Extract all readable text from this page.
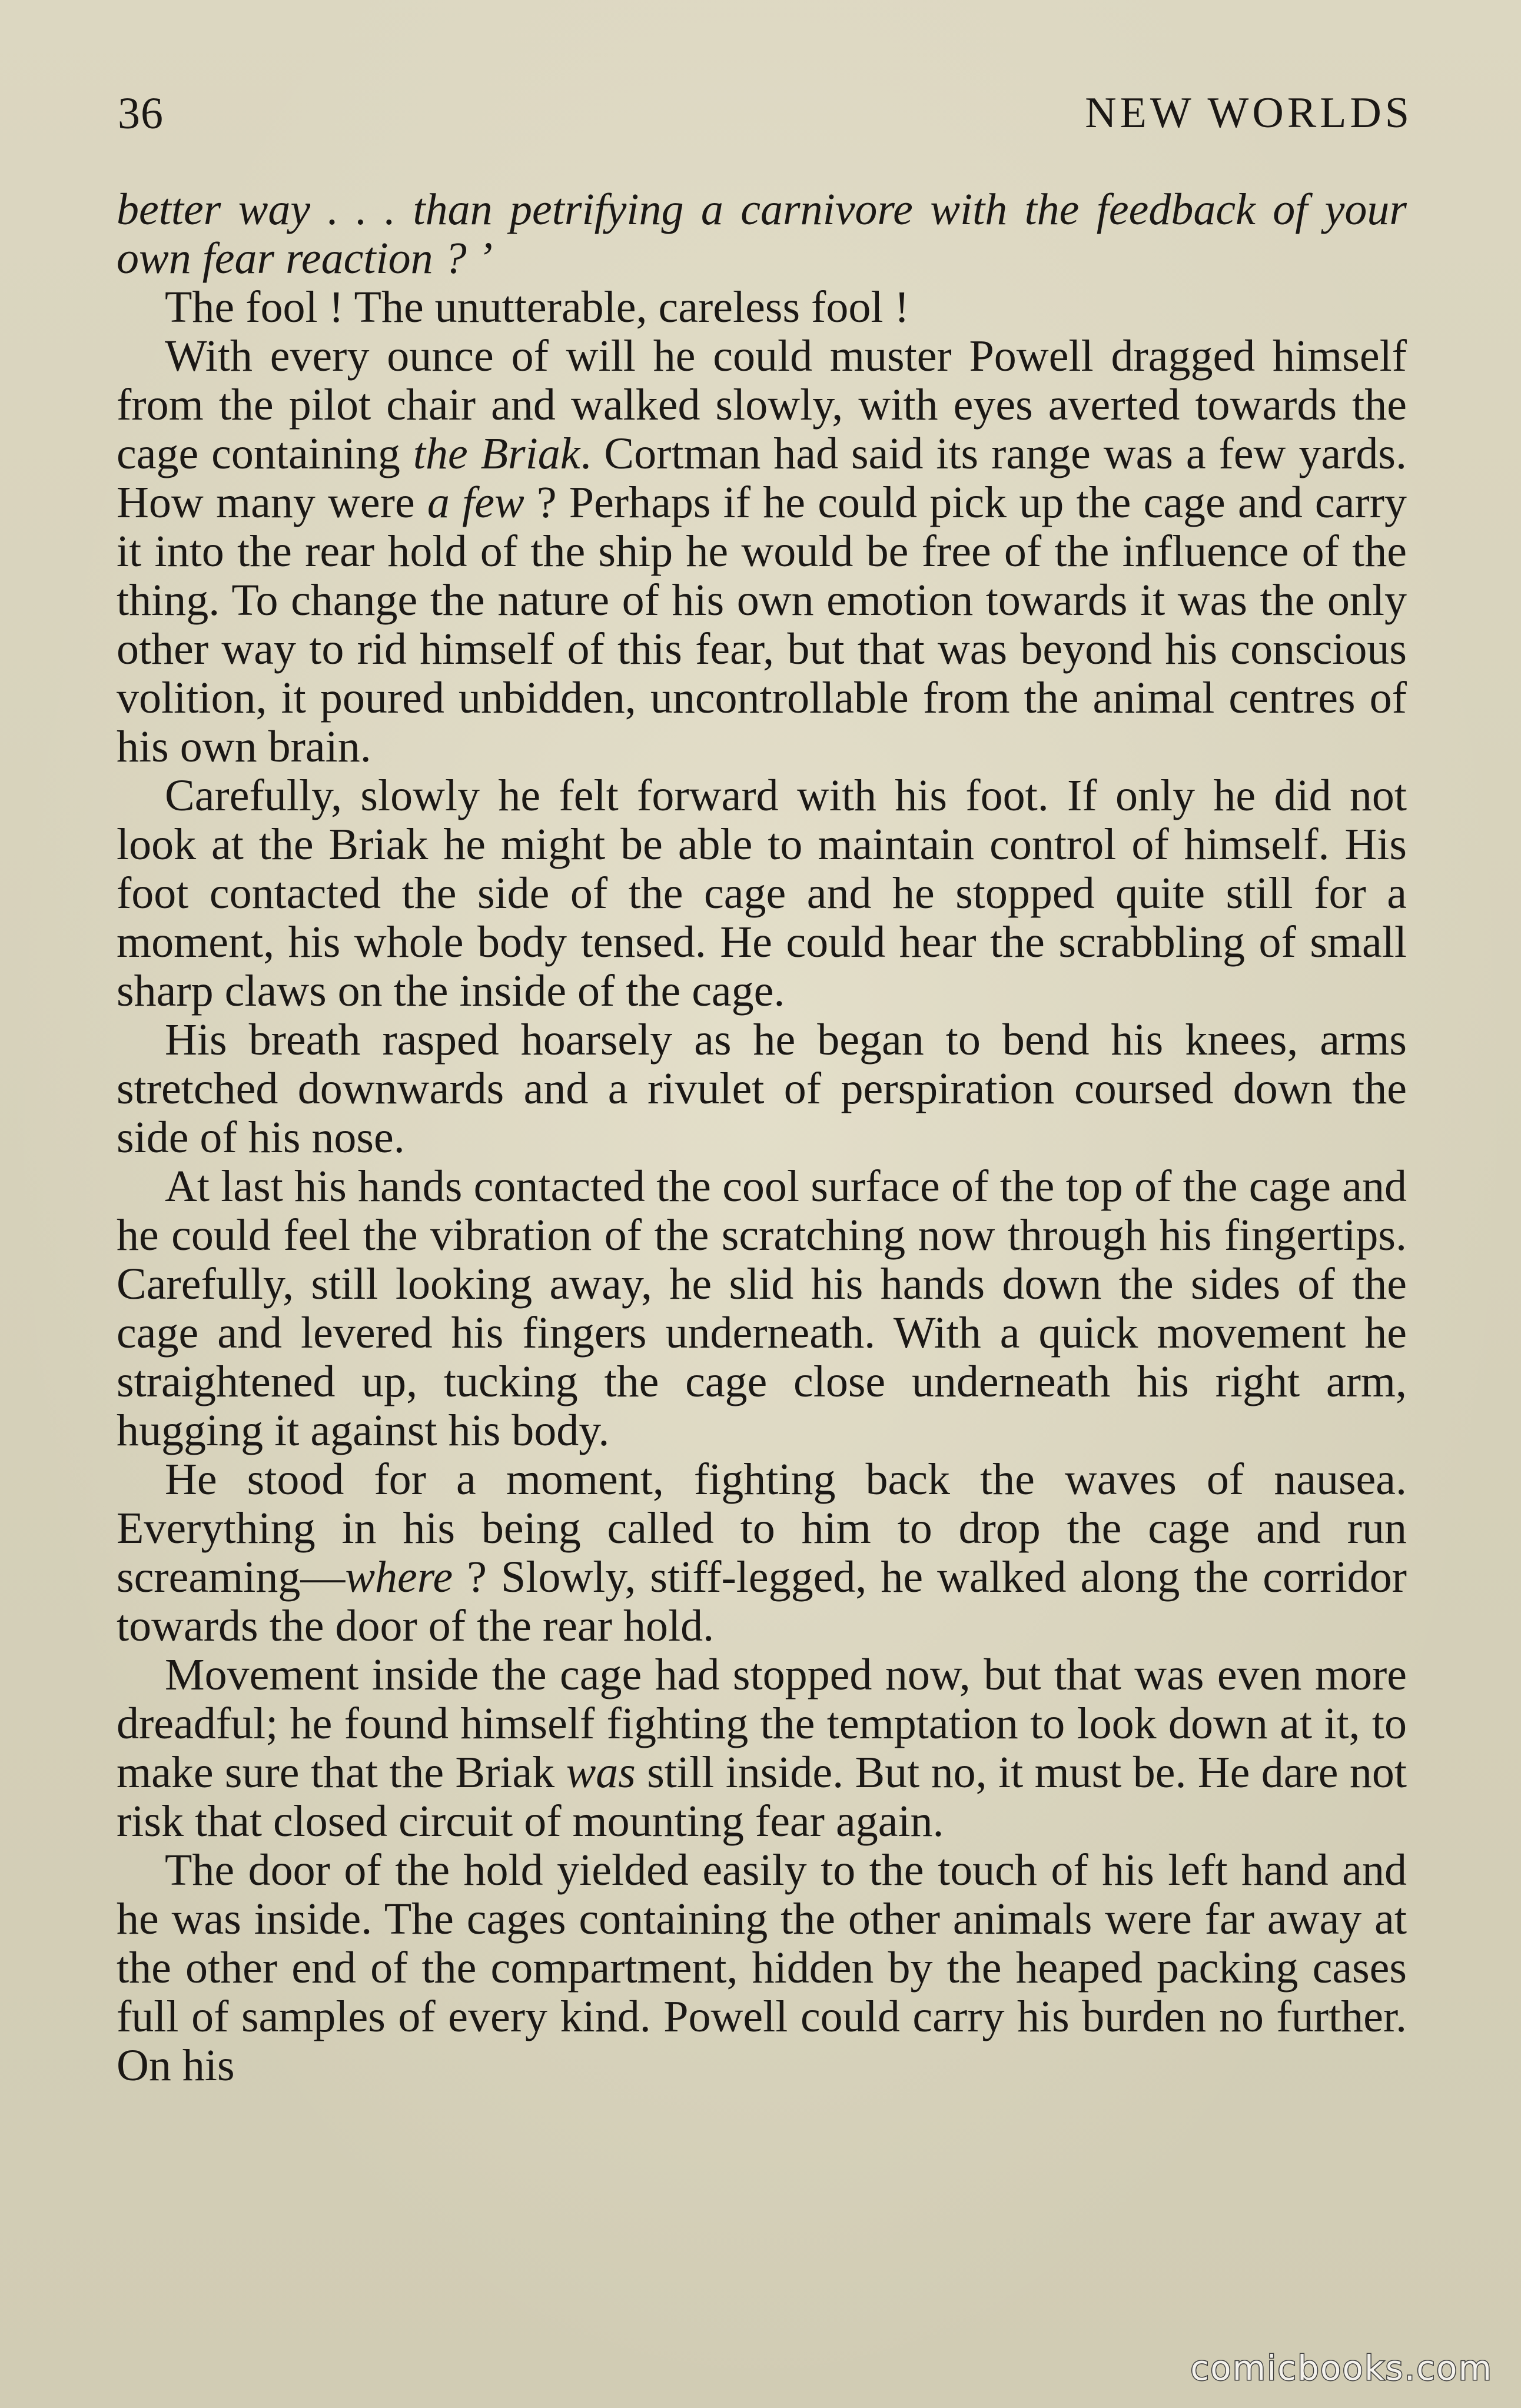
36	NEW WORLDS

better way . . . than petrifying a carnivore with the feedback of your own fear reaction ? ’

The fool ! The unutterable, careless fool !

With every ounce of will he could muster Powell dragged himself from the pilot chair and walked slowly, with eyes averted towards the cage containing the Briak. Cortman had said its range was a few yards. How many were a few ? Perhaps if he could pick up the cage and carry it into the rear hold of the ship he would be free of the influence of the thing. To change the nature of his own emotion towards it was the only other way to rid himself of this fear, but that was beyond his conscious volition, it poured unbidden, uncontrollable from the animal centres of his own brain.

Carefully, slowly he felt forward with his foot. If only he did not look at the Briak he might be able to maintain control of himself. His foot contacted the side of the cage and he stopped quite still for a moment, his whole body tensed. He could hear the scrabbling of small sharp claws on the inside of the cage.

His breath rasped hoarsely as he began to bend his knees, arms stretched downwards and a rivulet of perspiration coursed down the side of his nose.

At last his hands contacted the cool surface of the top of the cage and he could feel the vibration of the scratching now through his fingertips. Carefully, still looking away, he slid his hands down the sides of the cage and levered his fingers underneath. With a quick movement he straightened up, tucking the cage close underneath his right arm, hugging it against his body.

He stood for a moment, fighting back the waves of nausea. Everything in his being called to him to drop the cage and run screaming—where ? Slowly, stiff-legged, he walked along the corridor towards the door of the rear hold.

Movement inside the cage had stopped now, but that was even more dreadful; he found himself fighting the temptation to look down at it, to make sure that the Briak was still inside. But no, it must be. He dare not risk that closed circuit of mounting fear again.

The door of the hold yielded easily to the touch of his left hand and he was inside. The cages containing the other animals were far away at the other end of the compartment, hidden by the heaped packing cases full of samples of every kind. Powell could carry his burden no further. On his

comicbooks.com
